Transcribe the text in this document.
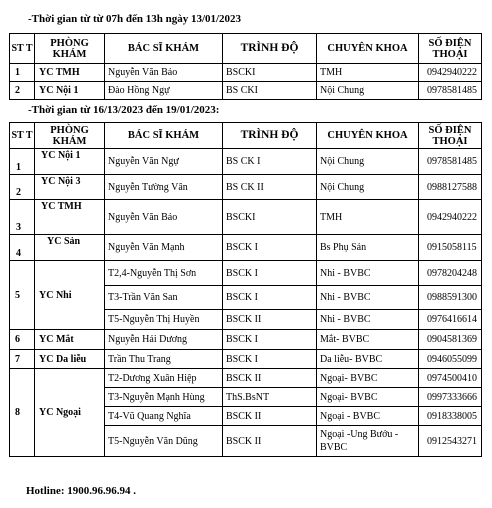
-Thời gian từ từ 07h đến 13h ngày 13/01/2023
ST T	PHÒNG KHÁM	BÁC SĨ KHÁM	TRÌNH ĐỘ	CHUYÊN KHOA	SỐ ĐIỆN THOẠI
1	YC TMH	Nguyễn Văn Bảo	BSCKI	TMH	0942940222
2	YC Nội 1	Đào Hồng Ngự	BS CKI	Nội Chung	0978581485
-Thời gian từ 16/13/2023 đến 19/01/2023:
ST T	PHÒNG KHÁM	BÁC SĨ KHÁM	TRÌNH ĐỘ	CHUYÊN KHOA	SỐ ĐIỆN THOẠI
1	YC Nội 1	Nguyễn Văn Ngự	BS CK I	Nội Chung	0978581485
2	YC Nội 3	Nguyễn Tường Vân	BS CK II	Nội Chung	0988127588
3	YC TMH	Nguyễn Văn Bảo	BSCKI	TMH	0942940222
4	YC Sản	Nguyễn Văn Mạnh	BSCK I	Bs Phụ Sản	0915058115
5	YC Nhi	T2,4-Nguyễn Thị Sơn	BSCK I	Nhi - BVBC	0978204248
		T3-Trần Văn San	BSCK I	Nhi - BVBC	0988591300
		T5-Nguyễn Thị Huyền	BSCK II	Nhi - BVBC	0976416614
6	YC Mắt	Nguyễn Hải Dương	BSCK I	Mắt- BVBC	0904581369
7	YC Da liễu	Trần Thu Trang	BSCK I	Da liễu- BVBC	0946055099
8	YC Ngoại	T2-Dương Xuân Hiệp	BSCK II	Ngoại- BVBC	0974500410
		T3-Nguyễn Mạnh Hùng	ThS.BsNT	Ngoại- BVBC	0997333666
		T4-Vũ Quang Nghĩa	BSCK II	Ngoại - BVBC	0918338005
		T5-Nguyễn Văn Dũng	BSCK II	Ngoại -Ung Bướu - BVBC	0912543271
Hotline: 1900.96.96.94 .
